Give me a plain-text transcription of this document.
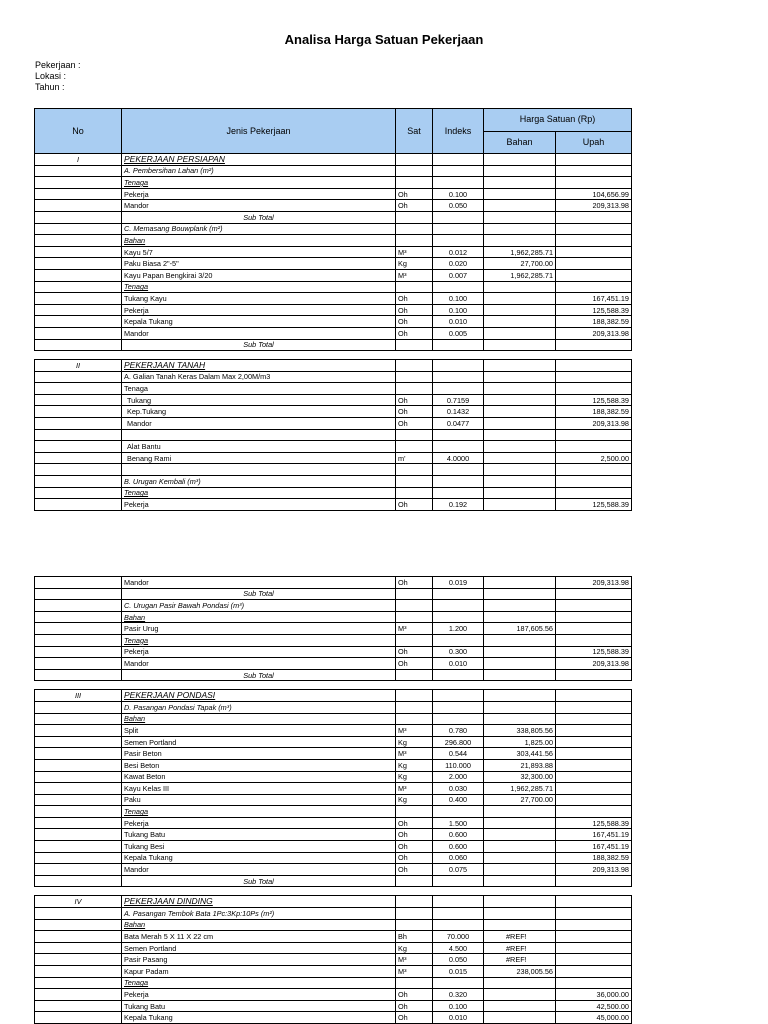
Analisa Harga Satuan Pekerjaan
Pekerjaan :
Lokasi :
Tahun :
No	Jenis Pekerjaan	Sat	Indeks	Harga Satuan (Rp)	
				Bahan	Upah
I	PEKERJAAN PERSIAPAN				
	A. Pembersihan Lahan (m²)				
	Tenaga				
	Pekerja	Oh	0.100		104,656.99
	Mandor	Oh	0.050		209,313.98
	Sub Total				
	C. Memasang Bouwplank (m²)				
	Bahan				
	Kayu 5/7	M³	0.012	1,962,285.71	
	Paku Biasa 2"-5"	Kg	0.020	27,700.00	
	Kayu Papan Bengkirai 3/20	M³	0.007	1,962,285.71	
	Tenaga				
	Tukang Kayu	Oh	0.100		167,451.19
	Pekerja	Oh	0.100		125,588.39
	Kepala Tukang	Oh	0.010		188,382.59
	Mandor	Oh	0.005		209,313.98
	Sub Total				

II	PEKERJAAN TANAH				
	A. Galian Tanah Keras Dalam Max 2,00M/m3				
	Tenaga				
	Tukang	Oh	0.7159		125,588.39
	Kep.Tukang	Oh	0.1432		188,382.59
	Mandor	Oh	0.0477		209,313.98

	Alat Bantu				
	Benang Rami	m'	4.0000		2,500.00

	B. Urugan Kembali (m³)				
	Tenaga				
	Pekerja	Oh	0.192		125,588.39
	Mandor	Oh	0.019		209,313.98
	Sub Total				
	C. Urugan Pasir Bawah Pondasi (m³)				
	Bahan				
	Pasir Urug	M³	1.200	187,605.56	
	Tenaga				
	Pekerja	Oh	0.300		125,588.39
	Mandor	Oh	0.010		209,313.98
	Sub Total				

III	PEKERJAAN PONDASI				
	D. Pasangan Pondasi Tapak (m³)				
	Bahan				
	Split	M³	0.780	338,805.56	
	Semen Portland	Kg	296.800	1,825.00	
	Pasir Beton	M³	0.544	303,441.56	
	Besi Beton	Kg	110.000	21,893.88	
	Kawat Beton	Kg	2.000	32,300.00	
	Kayu Kelas III	M³	0.030	1,962,285.71	
	Paku	Kg	0.400	27,700.00	
	Tenaga				
	Pekerja	Oh	1.500		125,588.39
	Tukang Batu	Oh	0.600		167,451.19
	Tukang Besi	Oh	0.600		167,451.19
	Kepala Tukang	Oh	0.060		188,382.59
	Mandor	Oh	0.075		209,313.98
	Sub Total				

IV	PEKERJAAN DINDING				
	A. Pasangan Tembok Bata 1Pc:3Kp:10Ps (m²)				
	Bahan				
	Bata Merah 5 X 11 X 22 cm	Bh	70.000	#REF!	
	Semen Portland	Kg	4.500	#REF!	
	Pasir Pasang	M³	0.050	#REF!	
	Kapur Padam	M³	0.015	238,005.56	
	Tenaga				
	Pekerja	Oh	0.320		36,000.00
	Tukang Batu	Oh	0.100		42,500.00
	Kepala Tukang	Oh	0.010		45,000.00
